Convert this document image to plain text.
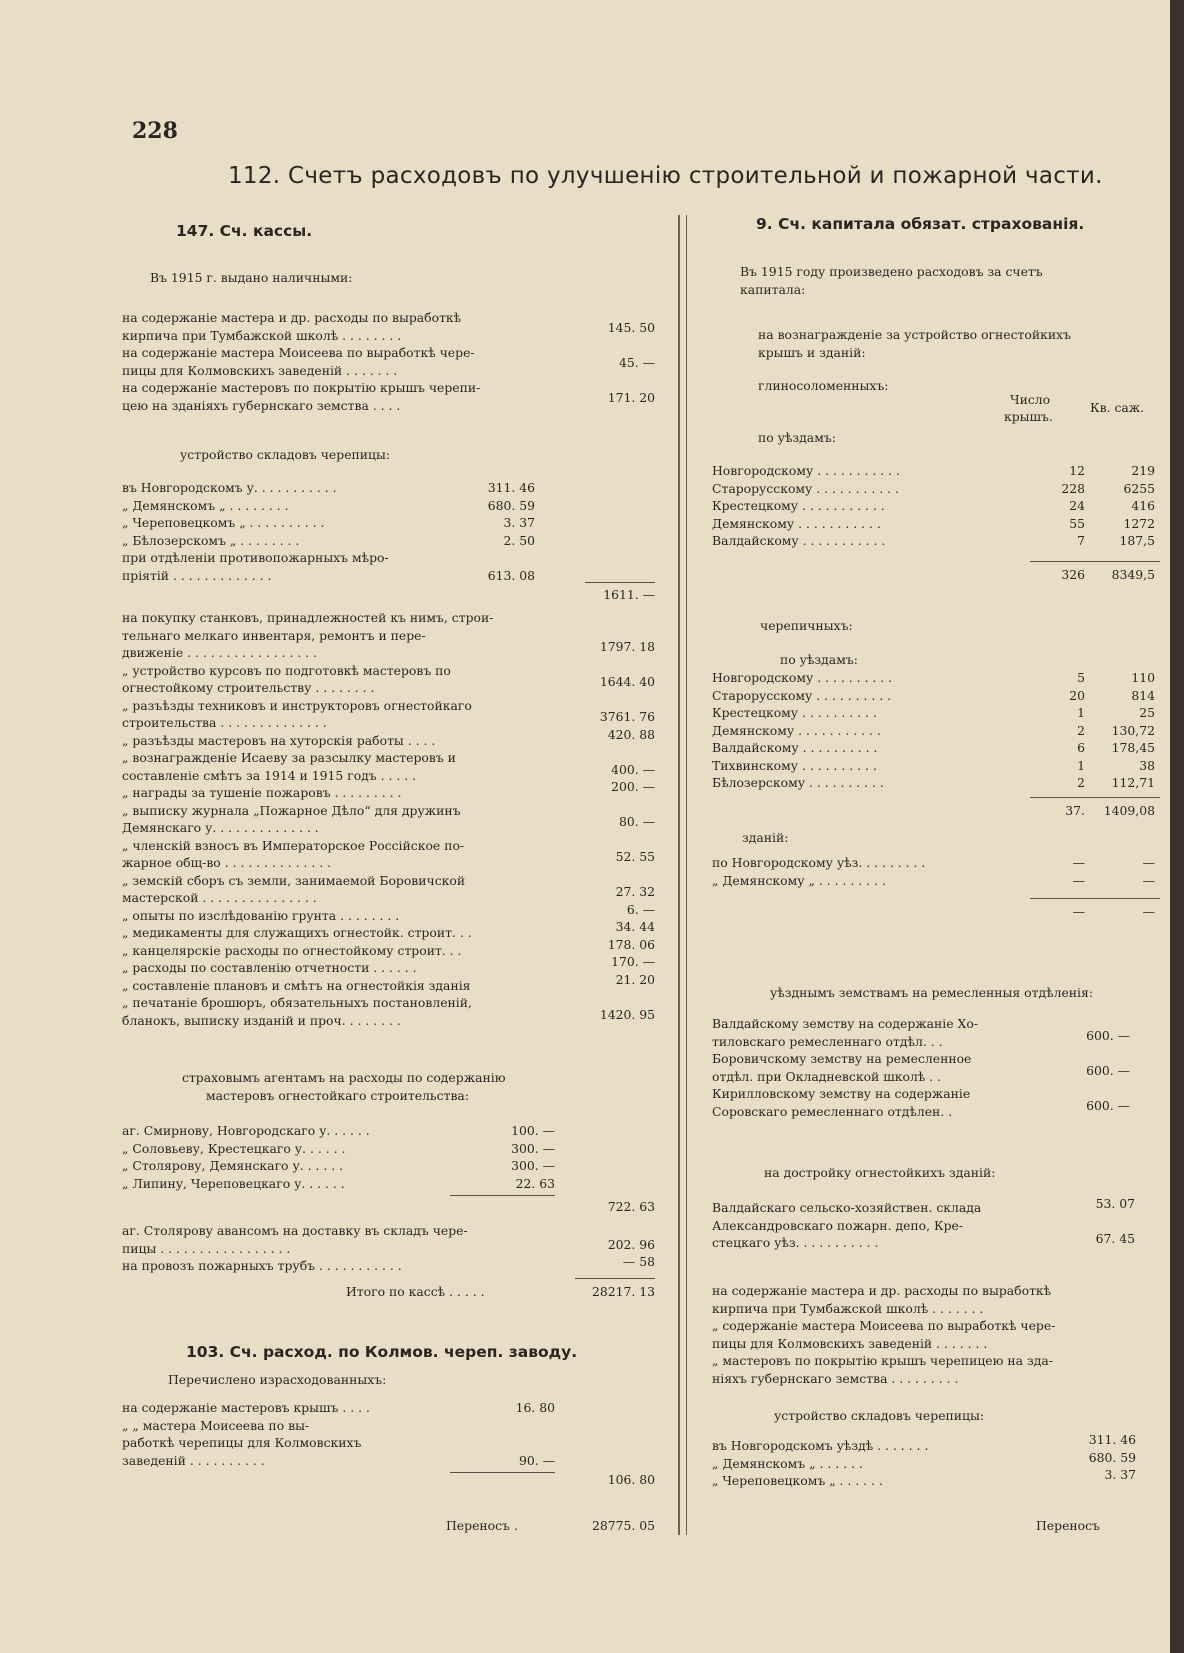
228
112. Счетъ расходовъ по улучшенію строительной и пожарной части.
147. Сч. кассы.
Въ 1915 г. выдано наличными:
на содержаніе мастера и др. расходы по выработкѣ
кирпича при Тумбажской школѣ . . . . . . . .
145. 50
на содержаніе мастера Моисеева по выработкѣ чере-
пицы для Колмовскихъ заведеній . . . . . . .
45. —
на содержаніе мастеровъ по покрытію крышъ черепи-
цею на зданіяхъ губернскаго земства . . . .
171. 20
устройство складовъ черепицы:
въ Новгородскомъ у. . . . . . . . . . .	311. 46
„ Демянскомъ „ . . . . . . . .	680. 59
„ Череповецкомъ „ . . . . . . . . . .	3. 37
„ Бѣлозерскомъ „ . . . . . . . .	2. 50
при отдѣленіи противопожарныхъ мѣро-
пріятій . . . . . . . . . . . . .	613. 08
1611. —
на покупку станковъ, принадлежностей къ нимъ, строи-
тельнаго мелкаго инвентаря, ремонтъ и пере-
движеніе . . . . . . . . . . . . . . . . .	1797. 18
„ устройство курсовъ по подготовкѣ мастеровъ по
огнестойкому строительству . . . . . . . .	1644. 40
„ разъѣзды техниковъ и инструкторовъ огнестойкаго
строительства . . . . . . . . . . . . . .	3761. 76
„ разъѣзды мастеровъ на хуторскія работы . . . .	420. 88
„ вознагражденіе Исаеву за разсылку мастеровъ и
составленіе смѣтъ за 1914 и 1915 годъ . . . . .	400. —
„ награды за тушеніе пожаровъ . . . . . . . . .	200. —
„ выписку журнала „Пожарное Дѣло“ для дружинъ
Демянскаго у. . . . . . . . . . . . . .	80. —
„ членскій взносъ въ Императорское Россійское по-
жарное общ-во . . . . . . . . . . . . . .	52. 55
„ земскій сборъ съ земли, занимаемой Боровичской
мастерской . . . . . . . . . . . . . . .	27. 32
„ опыты по изслѣдованію грунта . . . . . . . .	6. —
„ медикаменты для служащихъ огнестойк. строит. . .	34. 44
„ канцелярскіе расходы по огнестойкому строит. . .	178. 06
„ расходы по составленію отчетности . . . . . .	170. —
„ составленіе плановъ и смѣтъ на огнестойкія зданія	21. 20
„ печатаніе брошюръ, обязательныхъ постановленій,
бланокъ, выписку изданій и проч. . . . . . . .	1420. 95
страховымъ агентамъ на расходы по содержанію
мастеровъ огнестойкаго строительства:
аг. Смирнову, Новгородскаго у. . . . . .	100. —
„ Соловьеву, Крестецкаго у. . . . . .	300. —
„ Столярову, Демянскаго у. . . . . .	300. —
„ Липину, Череповецкаго у. . . . . .	22. 63
722. 63
аг. Столярову авансомъ на доставку въ складъ чере-
пицы . . . . . . . . . . . . . . . . .	202. 96
на провозъ пожарныхъ трубъ . . . . . . . . . . .	— 58
Итого по кассѣ . . . . .	28217. 13
103. Сч. расход. по Колмов. череп. заводу.
Перечислено израсходованныхъ:
на содержаніе мастеровъ крышъ . . . .	16. 80
„ „ мастера Моисеева по вы-
работкѣ черепицы для Колмовскихъ
заведеній . . . . . . . . . .	90. —
106. 80
Переносъ .	28775. 05
9. Сч. капитала обязат. страхованія.
Въ 1915 году произведено расходовъ за счетъ
капитала:
на вознагражденіе за устройство огнестойкихъ
крышъ и зданій:
глиносоломенныхъ:
Число
крышъ.
Кв. саж.
по уѣздамъ:
Новгородскому . . . . . . . . . . .	12	219
Старорусскому . . . . . . . . . . .	228	6255
Крестецкому . . . . . . . . . . .	24	416
Демянскому . . . . . . . . . . .	55	1272
Валдайскому . . . . . . . . . . .	7	187,5
326 8349,5
черепичныхъ:
по уѣздамъ:
Новгородскому . . . . . . . . . .	5	110
Старорусскому . . . . . . . . . .	20	814
Крестецкому . . . . . . . . . .	1	25
Демянскому . . . . . . . . . . .	2 130,72
Валдайскому . . . . . . . . . .	6 178,45
Тихвинскому . . . . . . . . . .	1	38
Бѣлозерскому . . . . . . . . . .	2 112,71
37. 1409,08
зданій:
по Новгородскому уѣз. . . . . . . . .	—	—
„ Демянскому „ . . . . . . . . .	—	—
—	—
уѣзднымъ земствамъ на ремесленныя отдѣленія:
Валдайскому земству на содержаніе Хо-
тиловскаго ремесленнаго отдѣл. . .	600. —
Боровичскому земству на ремесленное
отдѣл. при Окладневской школѣ . .	600. —
Кирилловскому земству на содержаніе
Соровскаго ремесленнаго отдѣлен. .	600. —
на достройку огнестойкихъ зданій:
Валдайскаго сельско-хозяйствен. склада	53. 07
Александровскаго пожарн. депо, Кре-
стецкаго уѣз. . . . . . . . . . .	67. 45
на содержаніе мастера и др. расходы по выработкѣ
кирпича при Тумбажской школѣ . . . . . . .
„ содержаніе мастера Моисеева по выработкѣ чере-
пицы для Колмовскихъ заведеній . . . . . . .
„ мастеровъ по покрытію крышъ черепицею на зда-
ніяхъ губернскаго земства . . . . . . . . .
устройство складовъ черепицы:
въ Новгородскомъ уѣздѣ . . . . . . .	311. 46
„ Демянскомъ „ . . . . . .	680. 59
„ Череповецкомъ „ . . . . . .	3. 37
Переносъ
